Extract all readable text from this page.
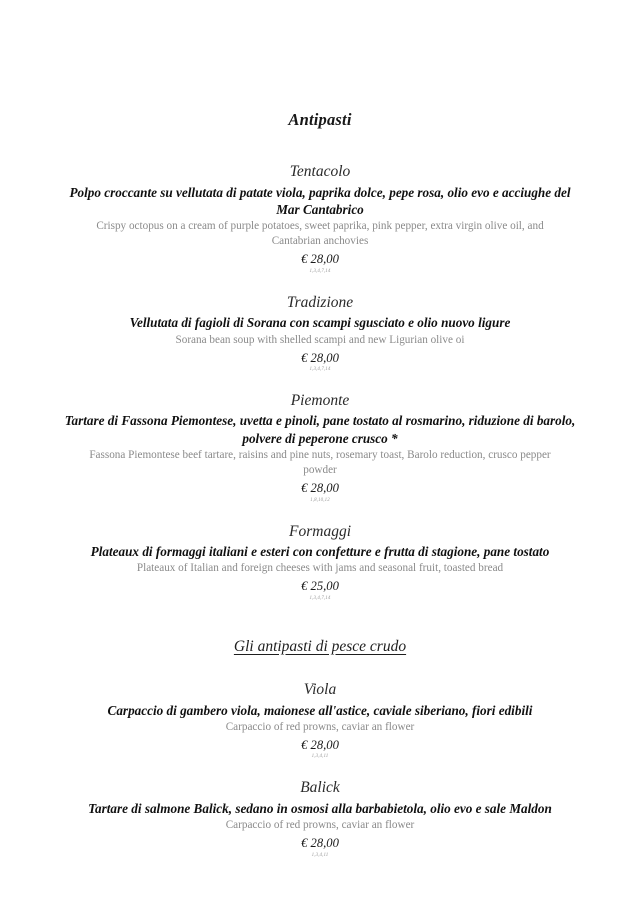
Antipasti
Tentacolo
Polpo croccante su vellutata di patate viola, paprika dolce, pepe rosa, olio evo e acciughe del Mar Cantabrico
Crispy octopus on a cream of purple potatoes, sweet paprika, pink pepper, extra virgin olive oil, and Cantabrian anchovies
€ 28,00
1,3,4,7,14
Tradizione
Vellutata di fagioli di Sorana con scampi sgusciato e olio nuovo ligure
Sorana bean soup with shelled scampi and new Ligurian olive oi
€ 28,00
1,3,4,7,14
Piemonte
Tartare di Fassona Piemontese, uvetta e pinoli, pane tostato al rosmarino, riduzione di barolo, polvere di peperone crusco *
Fassona Piemontese beef tartare, raisins and pine nuts, rosemary toast, Barolo reduction, crusco pepper powder
€ 28,00
1,8,10,12
Formaggi
Plateaux di formaggi italiani e esteri con confetture e frutta di stagione, pane tostato
Plateaux of Italian and foreign cheeses with jams and seasonal fruit, toasted bread
€ 25,00
1,3,4,7,14
Gli antipasti di pesce crudo
Viola
Carpaccio di gambero viola, maionese all'astice, caviale siberiano, fiori edibili
Carpaccio of red prowns, caviar an flower
€ 28,00
1,3,4,11
Balick
Tartare di salmone Balick, sedano in osmosi alla barbabietola, olio evo e sale Maldon
Carpaccio of red prowns, caviar an flower
€ 28,00
1,3,4,11
